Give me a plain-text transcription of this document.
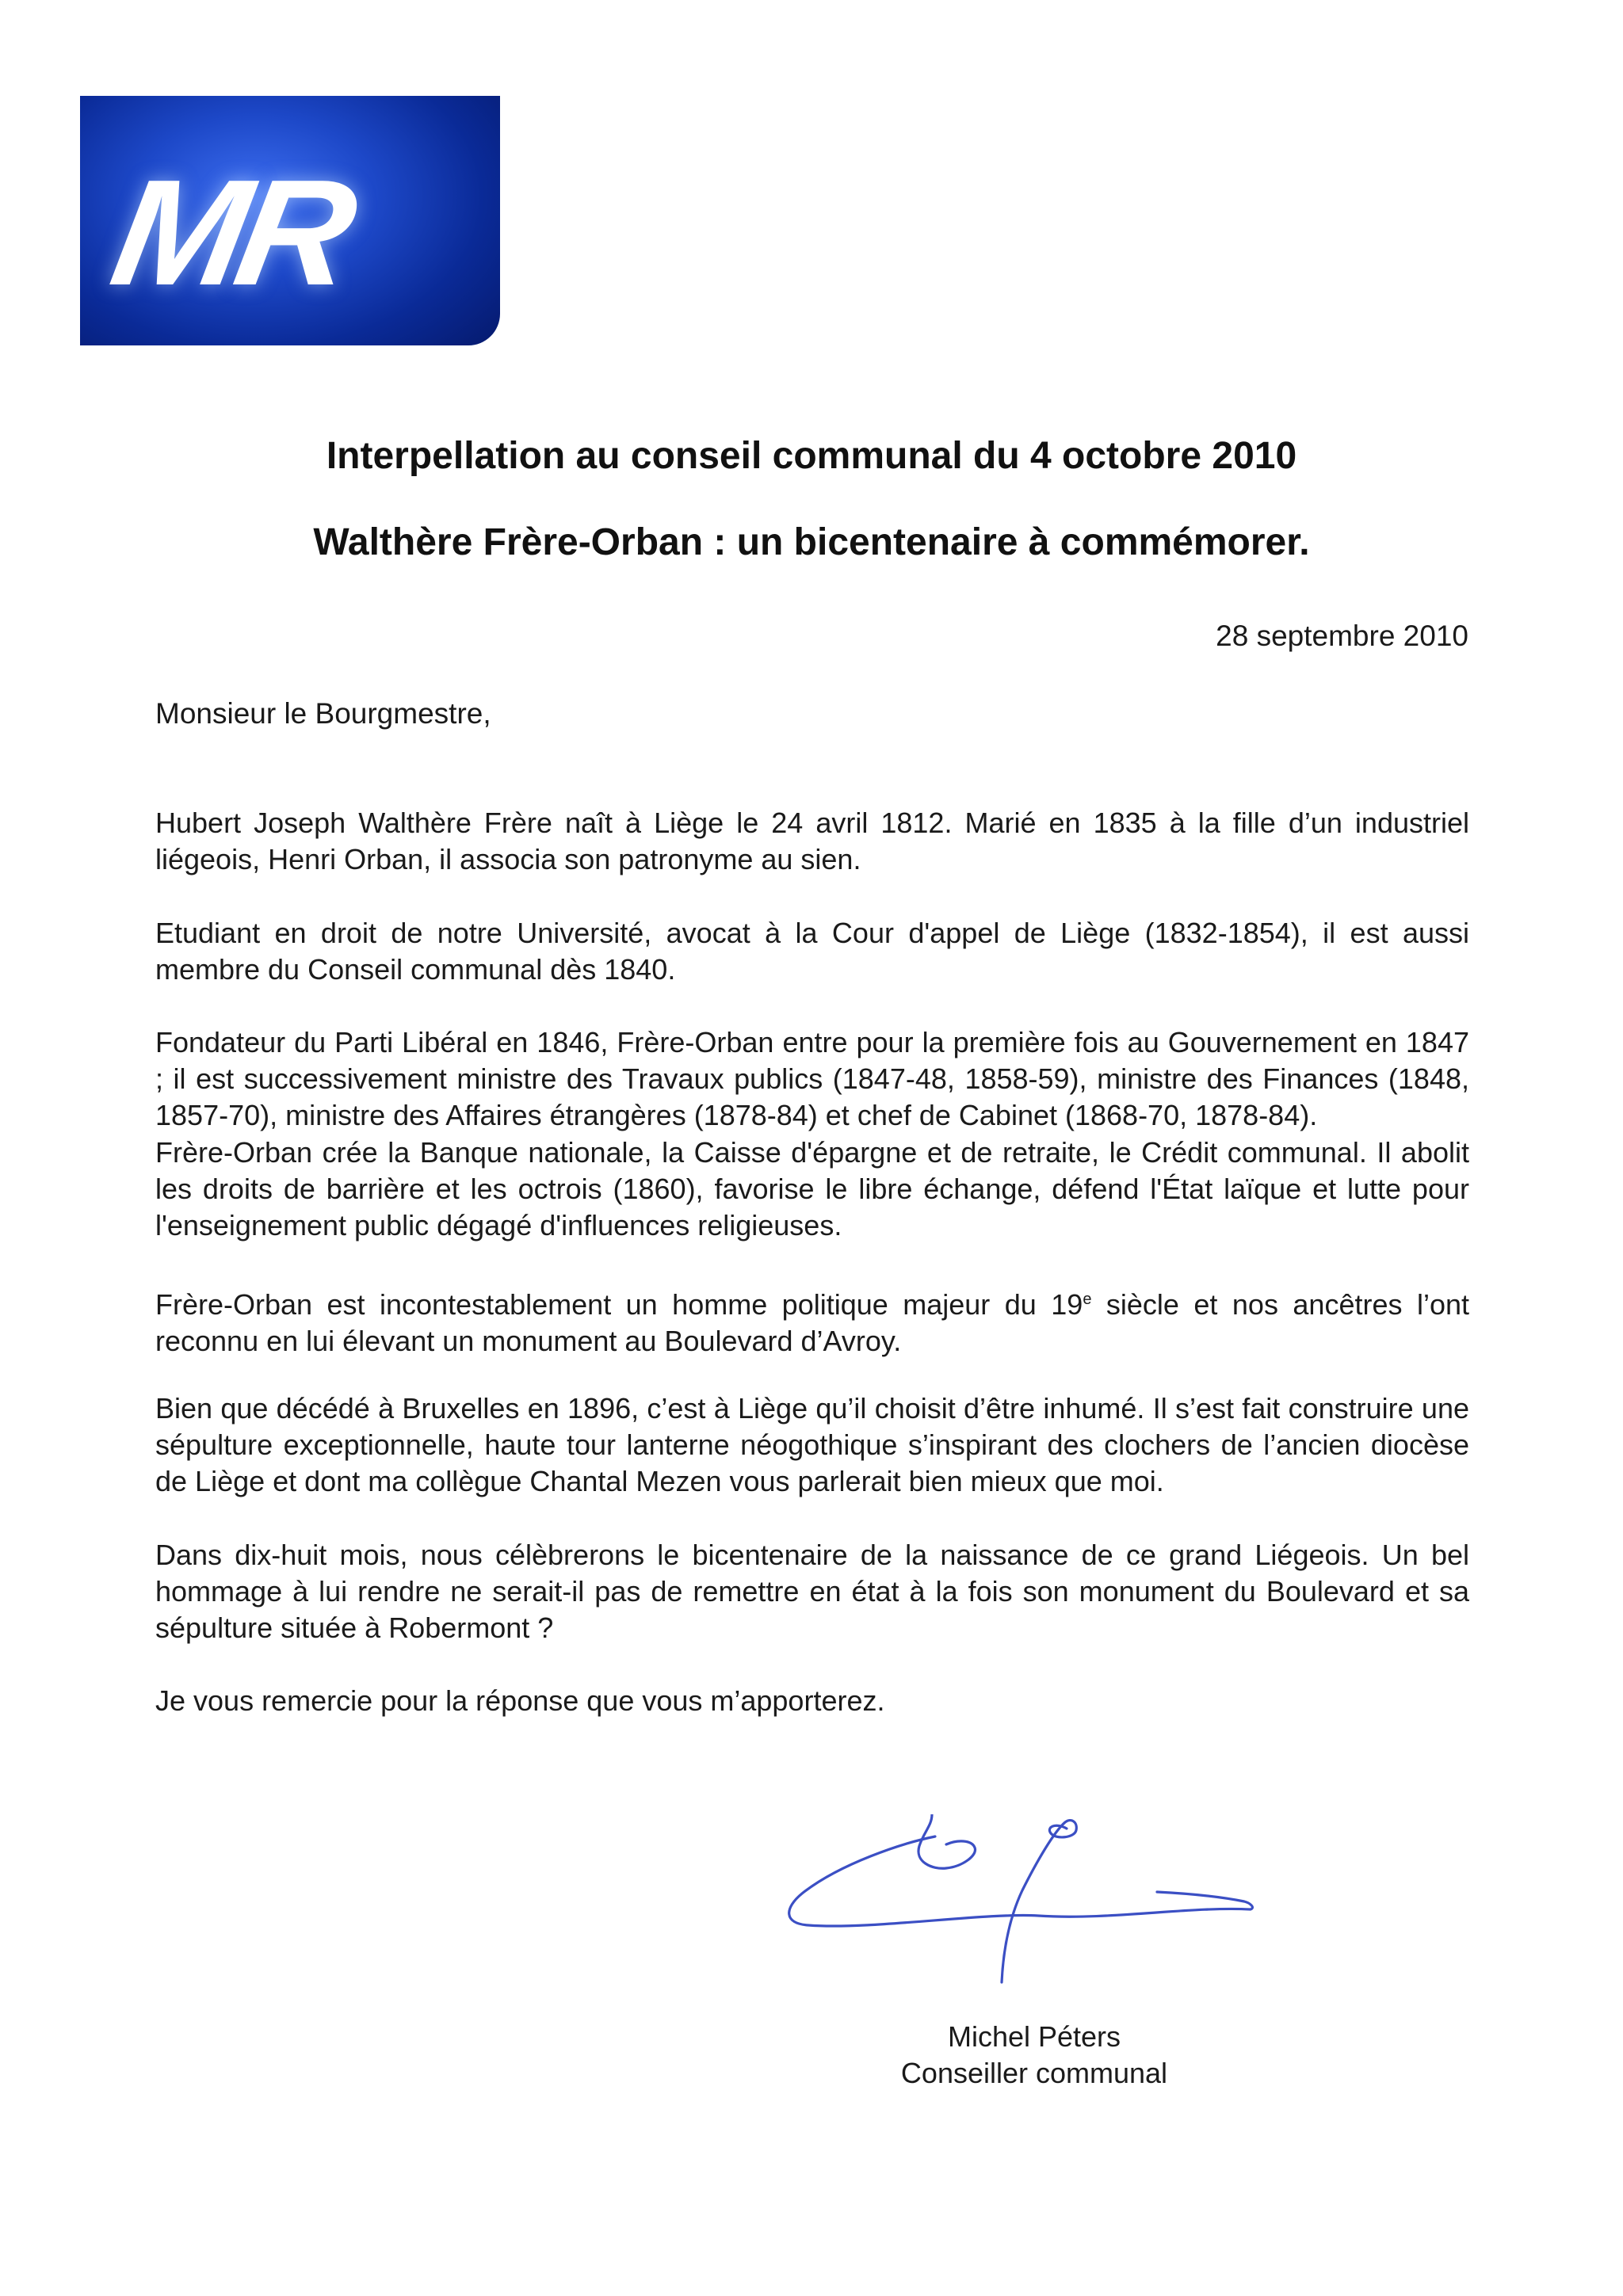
MR
Interpellation au conseil communal du 4 octobre 2010
Walthère Frère-Orban : un bicentenaire à commémorer.
28 septembre 2010
Monsieur le Bourgmestre,
Hubert Joseph Walthère Frère naît à Liège le 24 avril 1812. Marié en 1835 à la fille d’un industriel liégeois, Henri Orban, il associa son patronyme au sien.
Etudiant en droit de notre Université, avocat à la Cour d'appel de Liège (1832-1854), il est aussi membre du Conseil communal dès 1840.
Fondateur du Parti Libéral en 1846, Frère-Orban entre pour la première fois au Gouvernement en 1847 ; il est successivement ministre des Travaux publics (1847-48, 1858-59), ministre des Finances (1848, 1857-70), ministre des Affaires étrangères (1878-84) et chef de Cabinet (1868-70, 1878-84).
Frère-Orban crée la Banque nationale, la Caisse d'épargne et de retraite, le Crédit communal. Il abolit les droits de barrière et les octrois (1860), favorise le libre échange, défend l'État laïque et lutte pour l'enseignement public dégagé d'influences religieuses.
Frère-Orban est incontestablement un homme politique majeur du 19e siècle et nos ancêtres l’ont reconnu en lui élevant un monument au Boulevard d’Avroy.
Bien que décédé à Bruxelles en 1896, c’est à Liège qu’il choisit d’être inhumé. Il s’est fait construire une sépulture exceptionnelle, haute tour lanterne néogothique s’inspirant des clochers de l’ancien diocèse de Liège et dont ma collègue Chantal Mezen vous parlerait bien mieux que moi.
Dans dix-huit mois, nous célèbrerons le bicentenaire de la naissance de ce grand Liégeois. Un bel hommage à lui rendre ne serait-il pas de remettre en état à la fois son monument du Boulevard et sa sépulture située à Robermont ?
Je vous remercie pour la réponse que vous m’apporterez.
Michel Péters
Conseiller communal
